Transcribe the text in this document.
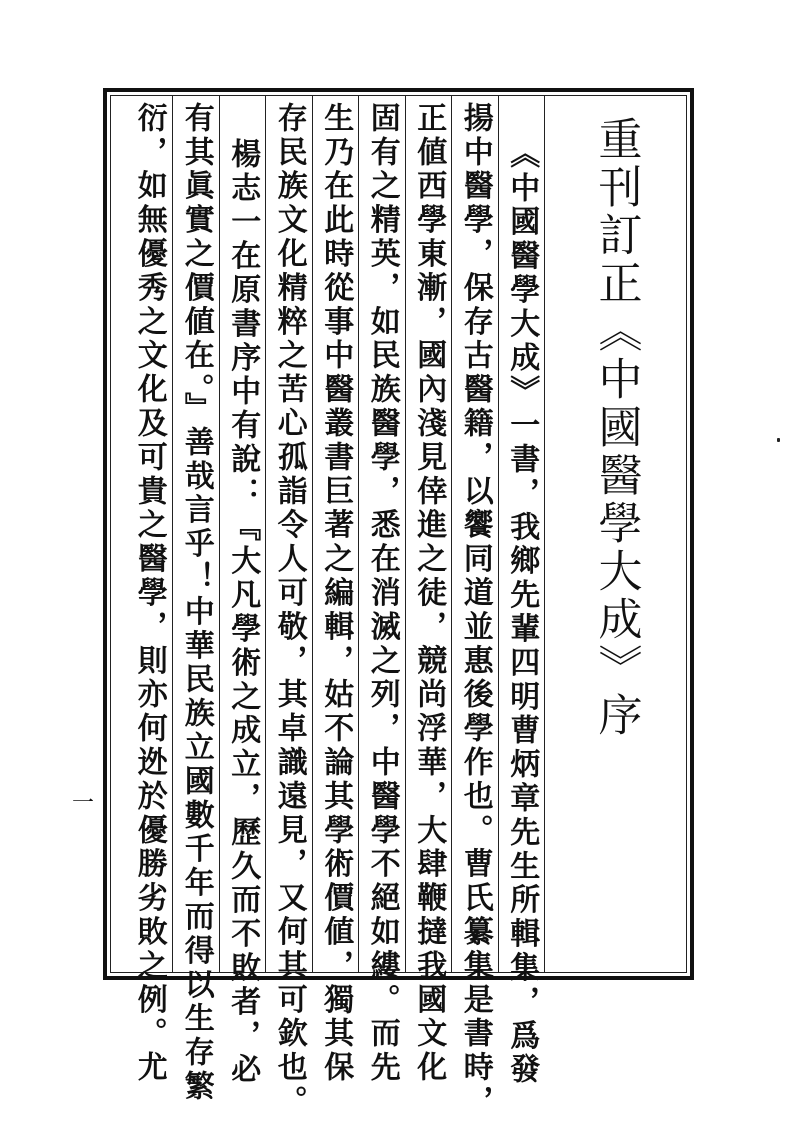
重刊訂正《中國醫學大成》序
《中國醫學大成》一書，我鄉先輩四明曹炳章先生所輯集，爲發
揚中醫學，保存古醫籍，以饗同道並惠後學作也。曹氏纂集是書時，
正値西學東漸，國內淺見倖進之徒，競尚浮華，大肆鞭撻我國文化
固有之精英，如民族醫學，悉在消滅之列，中醫學不絕如縷。而先
生乃在此時從事中醫叢書巨著之編輯，姑不論其學術價値，獨其保
存民族文化精粹之苦心孤詣令人可敬，其卓識遠見，又何其可欽也。
楊志一在原書序中有說：『大凡學術之成立，歷久而不敗者，必
有其眞實之價値在。』善哉言乎！中華民族立國數千年而得以生存繁
衍，如無優秀之文化及可貴之醫學，則亦何迯於優勝劣敗之例。尤
一
